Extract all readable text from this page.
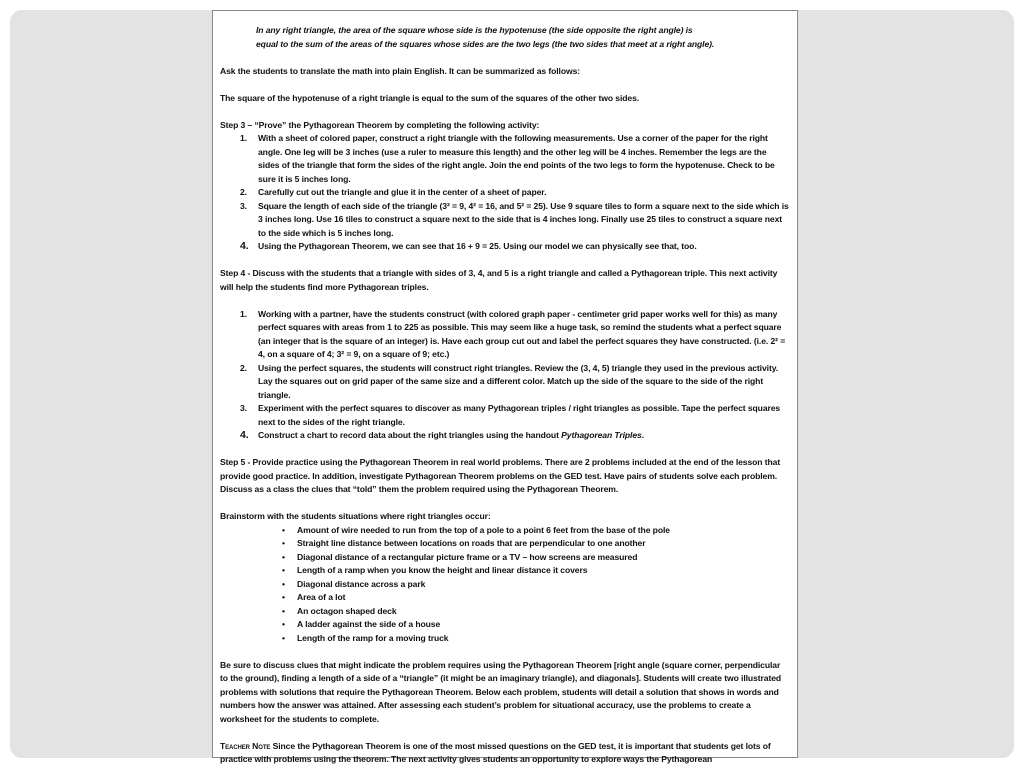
In any right triangle, the area of the square whose side is the hypotenuse (the side opposite the right angle) is

equal to the sum of the areas of the squares whose sides are the two legs (the two sides that meet at a right angle).

Ask the students to translate the math into plain English. It can be summarized as follows:

The square of the hypotenuse of a right triangle is equal to the sum of the squares of the other two sides.

Step 3 – “Prove” the Pythagorean Theorem by completing the following activity:

1. With a sheet of colored paper, construct a right triangle with the following measurements. Use a corner of the paper for the right angle. One leg will be 3 inches (use a ruler to measure this length) and the other leg will be 4 inches. Remember the legs are the sides of the triangle that form the sides of the right angle. Join the end points of the two legs to form the hypotenuse. Check to be sure it is 5 inches long.
2. Carefully cut out the triangle and glue it in the center of a sheet of paper.
3. Square the length of each side of the triangle (3² = 9, 4² = 16, and 5² = 25). Use 9 square tiles to form a square next to the side which is 3 inches long. Use 16 tiles to construct a square next to the side that is 4 inches long. Finally use 25 tiles to construct a square next to the side which is 5 inches long.
4. Using the Pythagorean Theorem, we can see that 16 + 9 = 25. Using our model we can physically see that, too.

Step 4 - Discuss with the students that a triangle with sides of 3, 4, and 5 is a right triangle and called a Pythagorean triple. This next activity will help the students find more Pythagorean triples.

1. Working with a partner, have the students construct (with colored graph paper - centimeter grid paper works well for this) as many perfect squares with areas from 1 to 225 as possible. This may seem like a huge task, so remind the students what a perfect square (an integer that is the square of an integer) is. Have each group cut out and label the perfect squares they have constructed. (i.e. 2² = 4, on a square of 4; 3² = 9, on a square of 9; etc.)
2. Using the perfect squares, the students will construct right triangles. Review the (3, 4, 5) triangle they used in the previous activity. Lay the squares out on grid paper of the same size and a different color. Match up the side of the square to the side of the right triangle.
3. Experiment with the perfect squares to discover as many Pythagorean triples / right triangles as possible. Tape the perfect squares next to the sides of the right triangle.
4. Construct a chart to record data about the right triangles using the handout Pythagorean Triples.

Step 5 - Provide practice using the Pythagorean Theorem in real world problems. There are 2 problems included at the end of the lesson that provide good practice. In addition, investigate Pythagorean Theorem problems on the GED test. Have pairs of students solve each problem. Discuss as a class the clues that “told” them the problem required using the Pythagorean Theorem.

Brainstorm with the students situations where right triangles occur:

• Amount of wire needed to run from the top of a pole to a point 6 feet from the base of the pole
• Straight line distance between locations on roads that are perpendicular to one another
• Diagonal distance of a rectangular picture frame or a TV – how screens are measured
• Length of a ramp when you know the height and linear distance it covers
• Diagonal distance across a park
• Area of a lot
• An octagon shaped deck
• A ladder against the side of a house
• Length of the ramp for a moving truck

Be sure to discuss clues that might indicate the problem requires using the Pythagorean Theorem [right angle (square corner, perpendicular to the ground), finding a length of a side of a “triangle” (it might be an imaginary triangle), and diagonals]. Students will create two illustrated problems with solutions that require the Pythagorean Theorem. Below each problem, students will detail a solution that shows in words and numbers how the answer was attained. After assessing each student’s problem for situational accuracy, use the problems to create a worksheet for the students to complete.

Teacher Note Since the Pythagorean Theorem is one of the most missed questions on the GED test, it is important that students get lots of practice with problems using the theorem. The next activity gives students an opportunity to explore ways the Pythagorean
